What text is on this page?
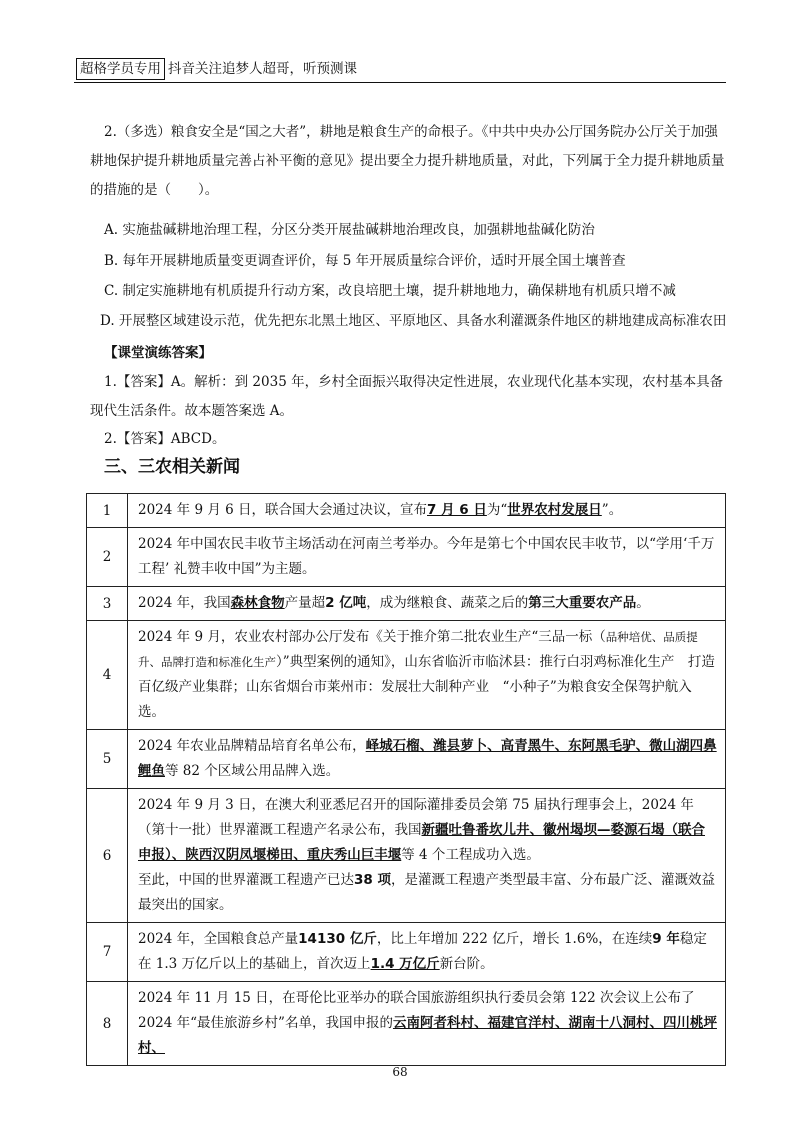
超格学员专用 抖音关注追梦人超哥，听预测课
2.（多选）粮食安全是“国之大者”，耕地是粮食生产的命根子。《中共中央办公厅国务院办公厅关于加强耕地保护提升耕地质量完善占补平衡的意见》提出要全力提升耕地质量，对此，下列属于全力提升耕地质量的措施的是（　　）。
A. 实施盐碱耕地治理工程，分区分类开展盐碱耕地治理改良，加强耕地盐碱化防治
B. 每年开展耕地质量变更调查评价，每 5 年开展质量综合评价，适时开展全国土壤普查
C. 制定实施耕地有机质提升行动方案，改良培肥土壤，提升耕地地力，确保耕地有机质只增不减
D. 开展整区域建设示范，优先把东北黑土地区、平原地区、具备水利灌溉条件地区的耕地建成高标准农田
【课堂演练答案】
1.【答案】A。解析：到 2035 年，乡村全面振兴取得决定性进展，农业现代化基本实现，农村基本具备现代生活条件。故本题答案选 A。
2.【答案】ABCD。
三、三农相关新闻
1	2024 年 9 月 6 日，联合国大会通过决议，宣布7 月 6 日为“世界农村发展日”。
2	2024 年中国农民丰收节主场活动在河南兰考举办。今年是第七个中国农民丰收节，以“学用‘千万工程’ 礼赞丰收中国”为主题。
3	2024 年，我国森林食物产量超2 亿吨，成为继粮食、蔬菜之后的第三大重要农产品。
4	2024 年 9 月，农业农村部办公厅发布《关于推介第二批农业生产“三品一标（品种培优、品质提升、品牌打造和标准化生产）”典型案例的通知》，山东省临沂市临沭县：推行白羽鸡标准化生产　打造百亿级产业集群；山东省烟台市莱州市：发展壮大制种产业　“小种子”为粮食安全保驾护航入选。
5	2024 年农业品牌精品培育名单公布，峄城石榴、潍县萝卜、高青黑牛、东阿黑毛驴、微山湖四鼻鲤鱼等 82 个区域公用品牌入选。
6	2024 年 9 月 3 日，在澳大利亚悉尼召开的国际灌排委员会第 75 届执行理事会上，2024 年（第十一批）世界灌溉工程遗产名录公布，我国新疆吐鲁番坎儿井、徽州堨坝—婺源石堨（联合申报）、陕西汉阴凤堰梯田、重庆秀山巨丰堰等 4 个工程成功入选。
至此，中国的世界灌溉工程遗产已达38 项，是灌溉工程遗产类型最丰富、分布最广泛、灌溉效益最突出的国家。
7	2024 年，全国粮食总产量14130 亿斤，比上年增加 222 亿斤，增长 1.6%，在连续9 年稳定在 1.3 万亿斤以上的基础上，首次迈上1.4 万亿斤新台阶。
8	2024 年 11 月 15 日，在哥伦比亚举办的联合国旅游组织执行委员会第 122 次会议上公布了 2024 年“最佳旅游乡村”名单，我国申报的云南阿者科村、福建官洋村、湖南十八洞村、四川桃坪村、
68
